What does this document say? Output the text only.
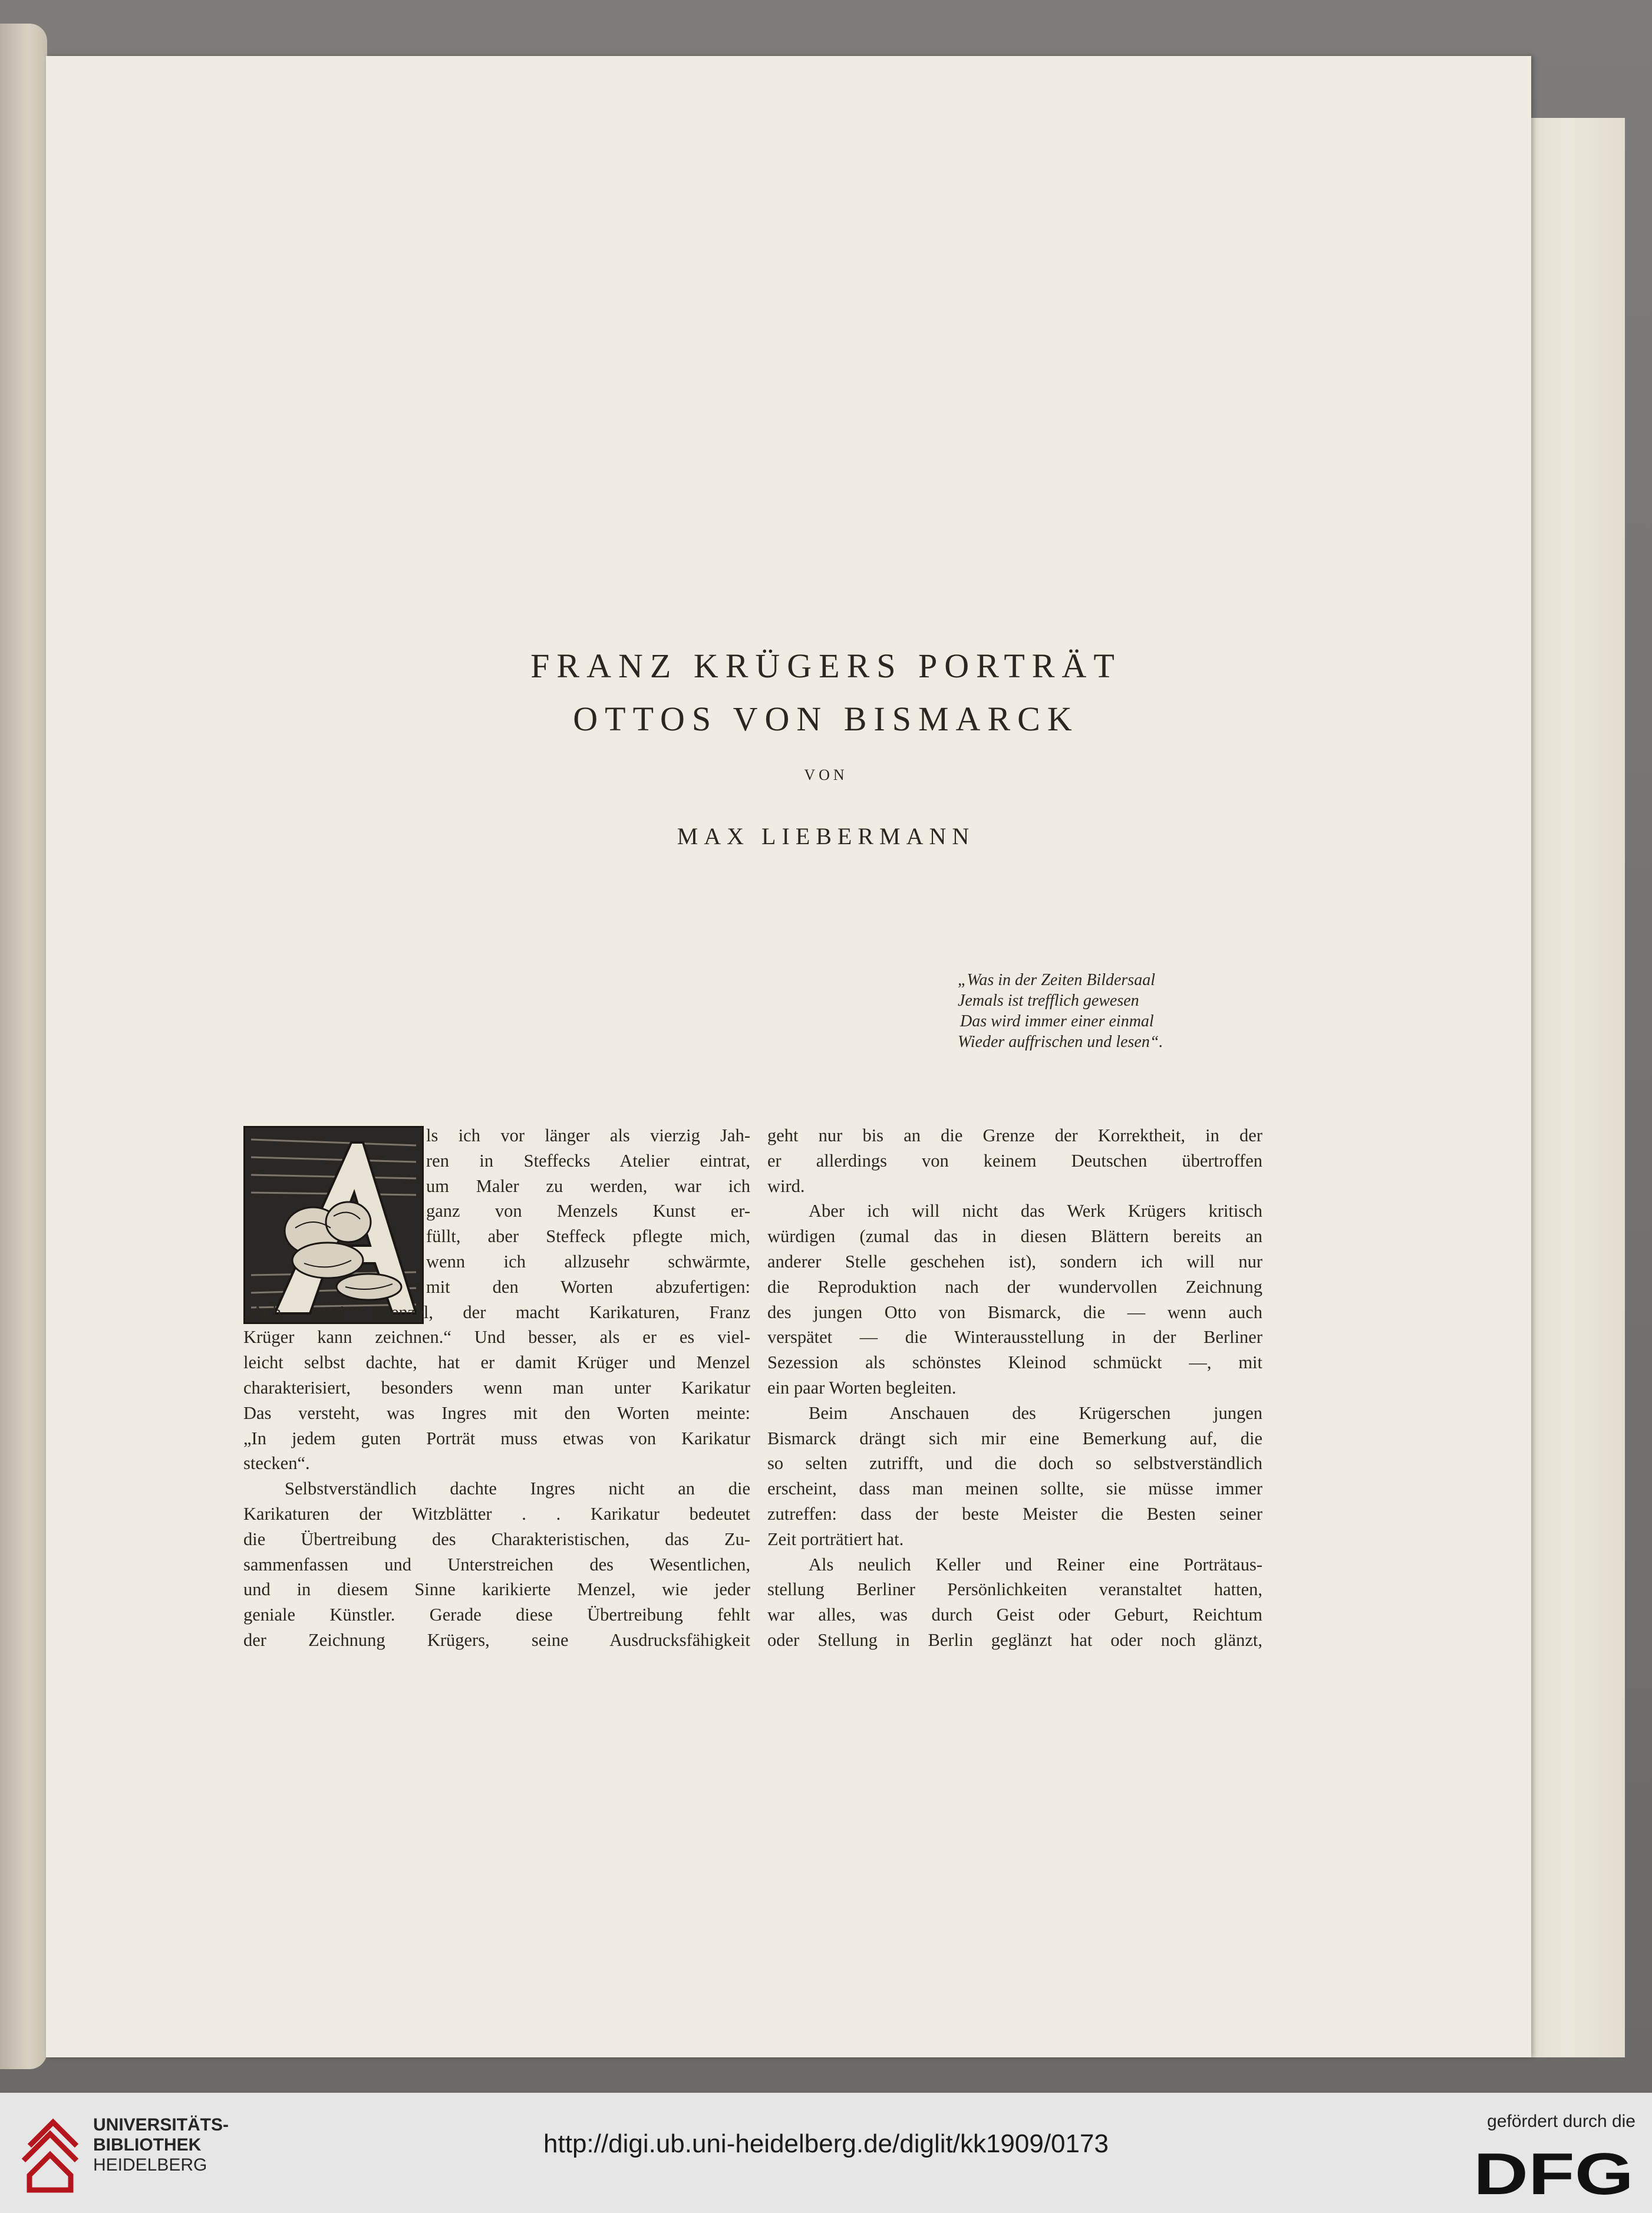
FRANZ KRÜGERS PORTRÄT
OTTOS VON BISMARCK
VON
MAX LIEBERMANN
„Was in der Zeiten Bildersaal
Jemals ist trefflich gewesen
Das wird immer einer einmal
Wieder auffrischen und lesen“.
ls ich vor länger als vierzig Jah-
ren in Steffecks Atelier eintrat,
um Maler zu werden, war ich
ganz von Menzels Kunst er-
füllt, aber Steffeck pflegte mich,
wenn ich allzusehr schwärmte,
mit den Worten abzufertigen:
„Ach was! Menzel, der macht Karikaturen, Franz
Krüger kann zeichnen.“ Und besser, als er es viel-
leicht selbst dachte, hat er damit Krüger und Menzel
charakterisiert, besonders wenn man unter Karikatur
Das versteht, was Ingres mit den Worten meinte:
„In jedem guten Porträt muss etwas von Karikatur
stecken“.
Selbstverständlich dachte Ingres nicht an die
Karikaturen der Witzblätter . . Karikatur bedeutet
die Übertreibung des Charakteristischen, das Zu-
sammenfassen und Unterstreichen des Wesentlichen,
und in diesem Sinne karikierte Menzel, wie jeder
geniale Künstler. Gerade diese Übertreibung fehlt
der Zeichnung Krügers, seine Ausdrucksfähigkeit
geht nur bis an die Grenze der Korrektheit, in der
er allerdings von keinem Deutschen übertroffen
wird.
Aber ich will nicht das Werk Krügers kritisch
würdigen (zumal das in diesen Blättern bereits an
anderer Stelle geschehen ist), sondern ich will nur
die Reproduktion nach der wundervollen Zeichnung
des jungen Otto von Bismarck, die — wenn auch
verspätet — die Winterausstellung in der Berliner
Sezession als schönstes Kleinod schmückt —, mit
ein paar Worten begleiten.
Beim Anschauen des Krügerschen jungen
Bismarck drängt sich mir eine Bemerkung auf, die
so selten zutrifft, und die doch so selbstverständlich
erscheint, dass man meinen sollte, sie müsse immer
zutreffen: dass der beste Meister die Besten seiner
Zeit porträtiert hat.
Als neulich Keller und Reiner eine Porträtaus-
stellung Berliner Persönlichkeiten veranstaltet hatten,
war alles, was durch Geist oder Geburt, Reichtum
oder Stellung in Berlin geglänzt hat oder noch glänzt,
UNIVERSITÄTS-
BIBLIOTHEK
HEIDELBERG
http://digi.ub.uni-heidelberg.de/diglit/kk1909/0173
gefördert durch die
DFG
